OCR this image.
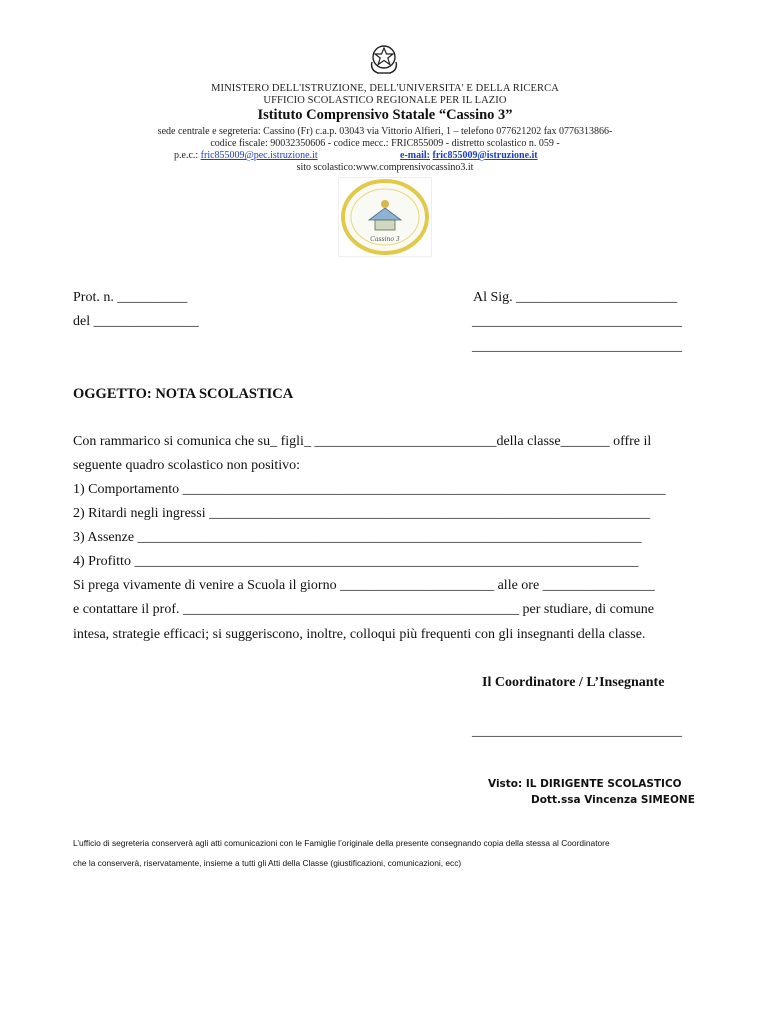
MINISTERO DELL'ISTRUZIONE, DELL'UNIVERSITA' E DELLA RICERCA
UFFICIO SCOLASTICO REGIONALE PER IL LAZIO
Istituto Comprensivo Statale “Cassino 3”
sede centrale e segreteria: Cassino (Fr) c.a.p. 03043 via Vittorio Alfieri, 1 – telefono 077621202 fax 0776313866-
codice fiscale: 90032350606 - codice mecc.: FRIC855009 - distretto scolastico n. 059 -
p.e.c.: fric855009@pec.istruzione.it	e-mail: fric855009@istruzione.it
sito scolastico:www.comprensivocassino3.it
Cassino 3
Prot. n. __________
del _______________
Al Sig. _______________________
______________________________
______________________________
OGGETTO: NOTA SCOLASTICA
Con rammarico si comunica che su_ figli_ __________________________della classe_______ offre il
seguente quadro scolastico non positivo:
1) Comportamento _____________________________________________________________________
2) Ritardi negli ingressi _______________________________________________________________
3) Assenze ________________________________________________________________________
4) Profitto ________________________________________________________________________
Si prega vivamente di venire a Scuola il giorno ______________________ alle ore ________________
e contattare il prof. ________________________________________________ per studiare, di comune
intesa, strategie efficaci; si suggeriscono, inoltre, colloqui più frequenti con gli insegnanti della classe.
Il Coordinatore / L’Insegnante
______________________________
Visto: IL DIRIGENTE SCOLASTICO
Dott.ssa Vincenza SIMEONE
L’ufficio di segreteria conserverà agli atti comunicazioni con le Famiglie l’originale della presente consegnando copia della stessa al Coordinatore
che la conserverà, riservatamente, insieme a tutti gli Atti della Classe (giustificazioni, comunicazioni, ecc)
